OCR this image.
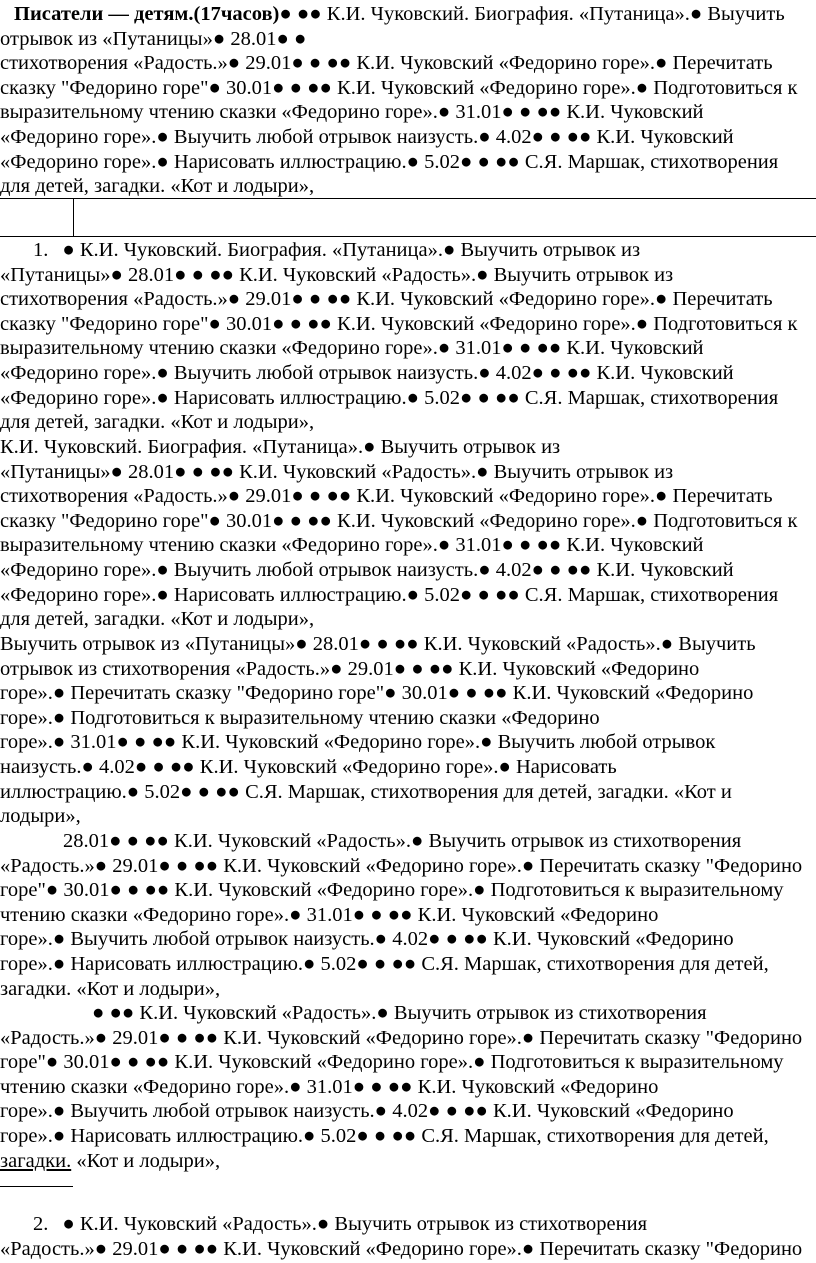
Писатели — детям.(17часов)● ●● К.И. Чуковский. Биография. «Путаница».● Выучить
отрывок из «Путаницы»● 28.01● ●
стихотворения «Радость.»● 29.01● ● ●● К.И. Чуковский «Федорино горе».● Перечитать
сказку "Федорино горе"● 30.01● ● ●● К.И. Чуковский «Федорино горе».● Подготовиться к
выразительному чтению сказки «Федорино горе».● 31.01● ● ●● К.И. Чуковский
«Федорино горе».● Выучить любой отрывок наизусть.● 4.02● ● ●● К.И. Чуковский
«Федорино горе».● Нарисовать иллюстрацию.● 5.02● ● ●● С.Я. Маршак, стихотворения
для детей, загадки. «Кот и лодыри»,
1. ● К.И. Чуковский. Биография. «Путаница».● Выучить отрывок из
«Путаницы»● 28.01● ● ●● К.И. Чуковский «Радость».● Выучить отрывок из
стихотворения «Радость.»● 29.01● ● ●● К.И. Чуковский «Федорино горе».● Перечитать
сказку "Федорино горе"● 30.01● ● ●● К.И. Чуковский «Федорино горе».● Подготовиться к
выразительному чтению сказки «Федорино горе».● 31.01● ● ●● К.И. Чуковский
«Федорино горе».● Выучить любой отрывок наизусть.● 4.02● ● ●● К.И. Чуковский
«Федорино горе».● Нарисовать иллюстрацию.● 5.02● ● ●● С.Я. Маршак, стихотворения
для детей, загадки. «Кот и лодыри»,
К.И. Чуковский. Биография. «Путаница».● Выучить отрывок из
«Путаницы»● 28.01● ● ●● К.И. Чуковский «Радость».● Выучить отрывок из
стихотворения «Радость.»● 29.01● ● ●● К.И. Чуковский «Федорино горе».● Перечитать
сказку "Федорино горе"● 30.01● ● ●● К.И. Чуковский «Федорино горе».● Подготовиться к
выразительному чтению сказки «Федорино горе».● 31.01● ● ●● К.И. Чуковский
«Федорино горе».● Выучить любой отрывок наизусть.● 4.02● ● ●● К.И. Чуковский
«Федорино горе».● Нарисовать иллюстрацию.● 5.02● ● ●● С.Я. Маршак, стихотворения
для детей, загадки. «Кот и лодыри»,
Выучить отрывок из «Путаницы»● 28.01● ● ●● К.И. Чуковский «Радость».● Выучить
отрывок из стихотворения «Радость.»● 29.01● ● ●● К.И. Чуковский «Федорино
горе».● Перечитать сказку "Федорино горе"● 30.01● ● ●● К.И. Чуковский «Федорино
горе».● Подготовиться к выразительному чтению сказки «Федорино
горе».● 31.01● ● ●● К.И. Чуковский «Федорино горе».● Выучить любой отрывок
наизусть.● 4.02● ● ●● К.И. Чуковский «Федорино горе».● Нарисовать
иллюстрацию.● 5.02● ● ●● С.Я. Маршак, стихотворения для детей, загадки. «Кот и
лодыри»,
28.01● ● ●● К.И. Чуковский «Радость».● Выучить отрывок из стихотворения
«Радость.»● 29.01● ● ●● К.И. Чуковский «Федорино горе».● Перечитать сказку "Федорино
горе"● 30.01● ● ●● К.И. Чуковский «Федорино горе».● Подготовиться к выразительному
чтению сказки «Федорино горе».● 31.01● ● ●● К.И. Чуковский «Федорино
горе».● Выучить любой отрывок наизусть.● 4.02● ● ●● К.И. Чуковский «Федорино
горе».● Нарисовать иллюстрацию.● 5.02● ● ●● С.Я. Маршак, стихотворения для детей,
загадки. «Кот и лодыри»,
● ●● К.И. Чуковский «Радость».● Выучить отрывок из стихотворения
«Радость.»● 29.01● ● ●● К.И. Чуковский «Федорино горе».● Перечитать сказку "Федорино
горе"● 30.01● ● ●● К.И. Чуковский «Федорино горе».● Подготовиться к выразительному
чтению сказки «Федорино горе».● 31.01● ● ●● К.И. Чуковский «Федорино
горе».● Выучить любой отрывок наизусть.● 4.02● ● ●● К.И. Чуковский «Федорино
горе».● Нарисовать иллюстрацию.● 5.02● ● ●● С.Я. Маршак, стихотворения для детей,
загадки. «Кот и лодыри»,
2. ● К.И. Чуковский «Радость».● Выучить отрывок из стихотворения
«Радость.»● 29.01● ● ●● К.И. Чуковский «Федорино горе».● Перечитать сказку "Федорино
